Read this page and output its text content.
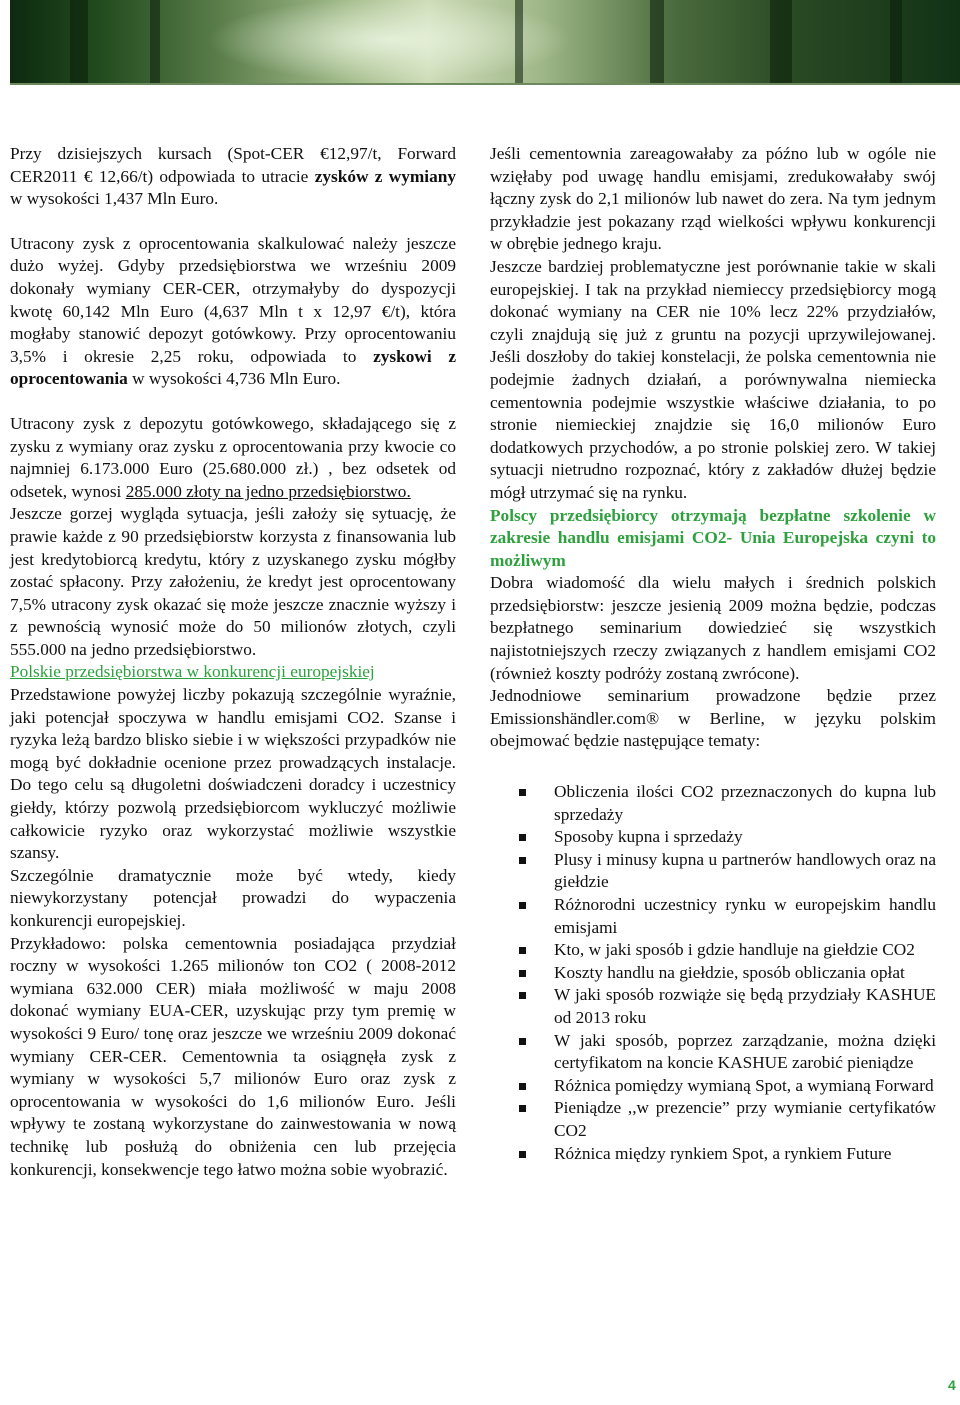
Przy dzisiejszych kursach (Spot-CER €12,97/t, Forward CER2011 € 12,66/t) odpowiada to utracie zysków z wymiany w wysokości 1,437 Mln Euro.

Utracony zysk z oprocentowania skalkulować należy jeszcze dużo wyżej. Gdyby przedsiębiorstwa we wrześniu 2009 dokonały wymiany CER-CER, otrzymałyby do dyspozycji kwotę 60,142 Mln Euro (4,637 Mln t x 12,97 €/t), która mogłaby stanowić depozyt gotówkowy. Przy oprocentowaniu 3,5% i okresie 2,25 roku, odpowiada to zyskowi z oprocentowania w wysokości 4,736 Mln Euro.

Utracony zysk z depozytu gotówkowego, składającego się z zysku z wymiany oraz zysku z oprocentowania przy kwocie co najmniej 6.173.000 Euro (25.680.000 zł.) , bez odsetek od odsetek, wynosi 285.000 złoty na jedno przedsiębiorstwo.

Jeszcze gorzej wygląda sytuacja, jeśli założy się sytuację, że prawie każde z 90 przedsiębiorstw korzysta z finansowania lub jest kredytobiorcą kredytu, który z uzyskanego zysku mógłby zostać spłacony. Przy założeniu, że kredyt jest oprocentowany 7,5% utracony zysk okazać się może jeszcze znacznie wyższy i z pewnością wynosić może do 50 milionów złotych, czyli 555.000 na jedno przedsiębiorstwo.

Polskie przedsiębiorstwa w konkurencji europejskiej

Przedstawione powyżej liczby pokazują szczególnie wyraźnie, jaki potencjał spoczywa w handlu emisjami CO2. Szanse i ryzyka leżą bardzo blisko siebie i w większości przypadków nie mogą być dokładnie ocenione przez prowadzących instalacje. Do tego celu są długoletni doświadczeni doradcy i uczestnicy giełdy, którzy pozwolą przedsiębiorcom wykluczyć możliwie całkowicie ryzyko oraz wykorzystać możliwie wszystkie szansy.

Szczególnie dramatycznie może być wtedy, kiedy niewykorzystany potencjał prowadzi do wypaczenia konkurencji europejskiej.

Przykładowo: polska cementownia posiadająca przydział roczny w wysokości 1.265 milionów ton CO2 ( 2008-2012 wymiana 632.000 CER) miała możliwość w maju 2008 dokonać wymiany EUA-CER, uzyskując przy tym premię w wysokości 9 Euro/ tonę oraz jeszcze we wrześniu 2009 dokonać wymiany CER-CER. Cementownia ta osiągnęła zysk z wymiany w wysokości 5,7 milionów Euro oraz zysk z oprocentowania w wysokości do 1,6 milionów Euro. Jeśli wpływy te zostaną wykorzystane do zainwestowania w nową technikę lub posłużą do obniżenia cen lub przejęcia konkurencji, konsekwencje tego łatwo można sobie wyobrazić.

Jeśli cementownia zareagowałaby za późno lub w ogóle nie wzięłaby pod uwagę handlu emisjami, zredukowałaby swój łączny zysk do 2,1 milionów lub nawet do zera. Na tym jednym przykładzie jest pokazany rząd wielkości wpływu konkurencji w obrębie jednego kraju.

Jeszcze bardziej problematyczne jest porównanie takie w skali europejskiej. I tak na przykład niemieccy przedsiębiorcy mogą dokonać wymiany na CER nie 10% lecz 22% przydziałów, czyli znajdują się już z gruntu na pozycji uprzywilejowanej. Jeśli doszłoby do takiej konstelacji, że polska cementownia nie podejmie żadnych działań, a porównywalna niemiecka cementownia podejmie wszystkie właściwe działania, to po stronie niemieckiej znajdzie się 16,0 milionów Euro dodatkowych przychodów, a po stronie polskiej zero. W takiej sytuacji nietrudno rozpoznać, który z zakładów dłużej będzie mógł utrzymać się na rynku.

Polscy przedsiębiorcy otrzymają bezpłatne szkolenie w zakresie handlu emisjami CO2- Unia Europejska czyni to możliwym

Dobra wiadomość dla wielu małych i średnich polskich przedsiębiorstw: jeszcze jesienią 2009 można będzie, podczas bezpłatnego seminarium dowiedzieć się wszystkich najistotniejszych rzeczy związanych z handlem emisjami CO2 (również koszty podróży zostaną zwrócone).

Jednodniowe seminarium prowadzone będzie przez Emissionshändler.com® w Berline, w języku polskim obejmować będzie następujące tematy:

Obliczenia ilości CO2 przeznaczonych do kupna lub sprzedaży
Sposoby kupna i sprzedaży
Plusy i minusy kupna u partnerów handlowych oraz na giełdzie
Różnorodni uczestnicy rynku w europejskim handlu emisjami
Kto, w jaki sposób i gdzie handluje na giełdzie CO2
Koszty handlu na giełdzie, sposób obliczania opłat
W jaki sposób rozwiąże się będą przydziały KASHUE od 2013 roku
W jaki sposób, poprzez zarządzanie, można dzięki certyfikatom na koncie KASHUE zarobić pieniądze
Różnica pomiędzy wymianą Spot, a wymianą Forward
Pieniądze ,,w prezencie” przy wymianie certyfikatów CO2
Różnica między rynkiem Spot, a rynkiem Future
4
